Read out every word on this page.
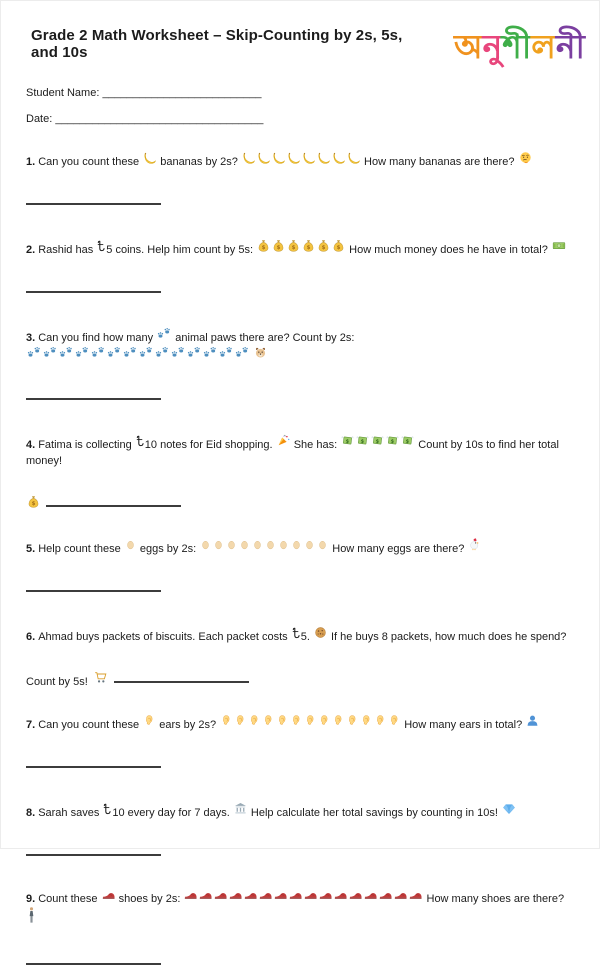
Grade 2 Math Worksheet – Skip-Counting by 2s, 5s, and 10s	অনুশীলনী
Student Name: __________________________
Date: __________________________________

1. Can you count these  bananas by 2s?	How many bananas are there?

2. Rashid has 5 coins. Help him count by 5s: $ $ $ $ $ $ How much money does he have in total?

3. Can you find how many  animal paws there are? Count by 2s:

4. Fatima is collecting 10 notes for Eid shopping.  She has: $ $ $ $ $ Count by 10s to find her total money!

$

5. Help count these  eggs by 2s:	How many eggs are there?

6. Ahmad buys packets of biscuits. Each packet costs 5.  If he buys 8 packets, how much does he spend?

Count by 5s!

7. Can you count these  ears by 2s?	How many ears in total?

8. Sarah saves 10 every day for 7 days.  Help calculate her total savings by counting in 10s!

9. Count these  shoes by 2s:	How many shoes are there?
